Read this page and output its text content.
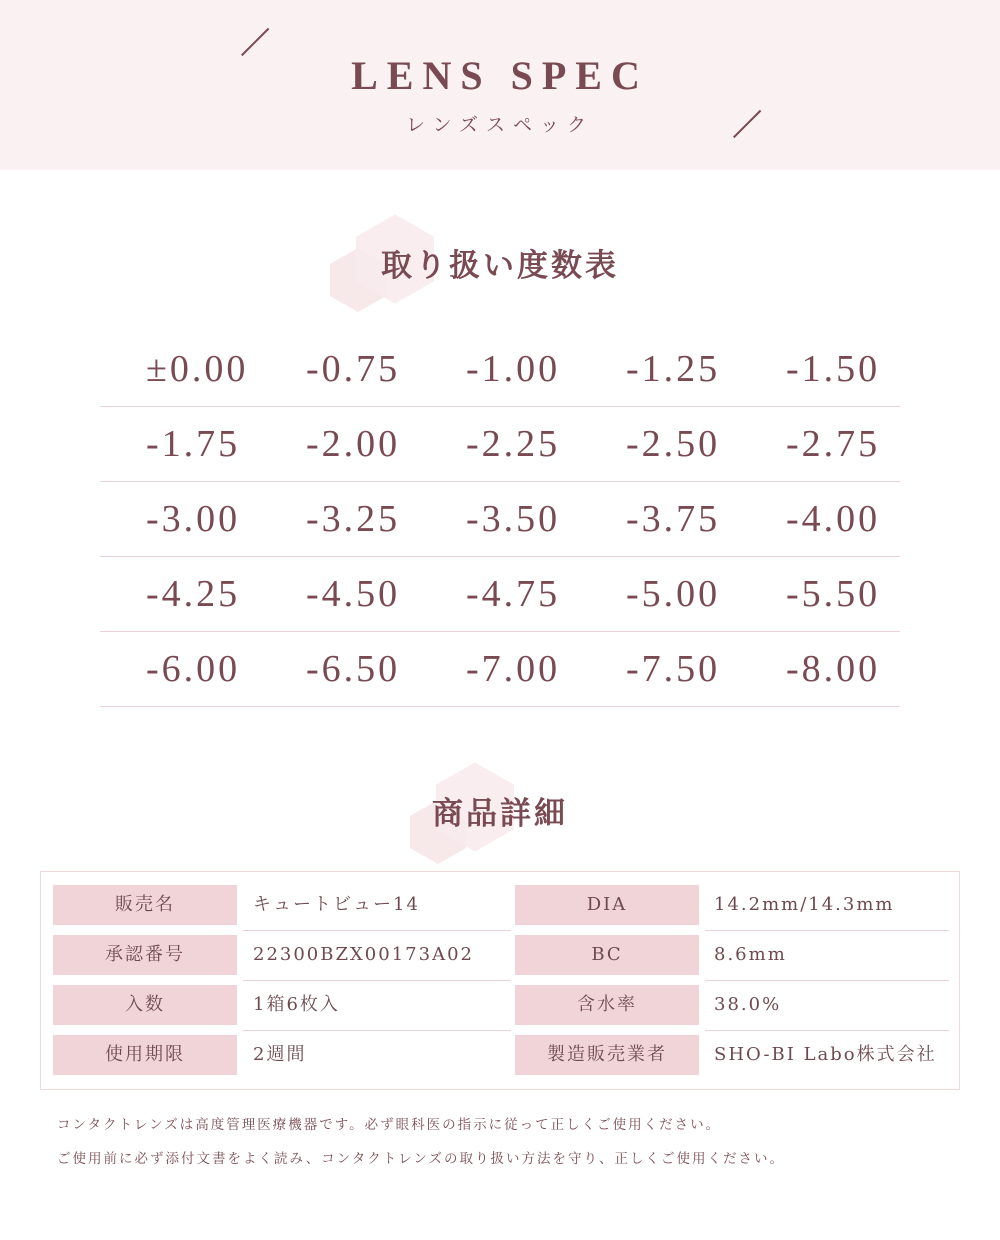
LENS SPEC
レンズスペック
取り扱い度数表
±0.00	-0.75	-1.00	-1.25	-1.50
-1.75	-2.00	-2.25	-2.50	-2.75
-3.00	-3.25	-3.50	-3.75	-4.00
-4.25	-4.50	-4.75	-5.00	-5.50
-6.00	-6.50	-7.00	-7.50	-8.00
商品詳細
販売名	キュートビュー14	DIA	14.2mm/14.3mm
承認番号	22300BZX00173A02	BC	8.6mm
入数	1箱6枚入	含水率	38.0%
使用期限	2週間	製造販売業者	SHO-BI Labo株式会社
コンタクトレンズは高度管理医療機器です。必ず眼科医の指示に従って正しくご使用ください。
ご使用前に必ず添付文書をよく読み、コンタクトレンズの取り扱い方法を守り、正しくご使用ください。
